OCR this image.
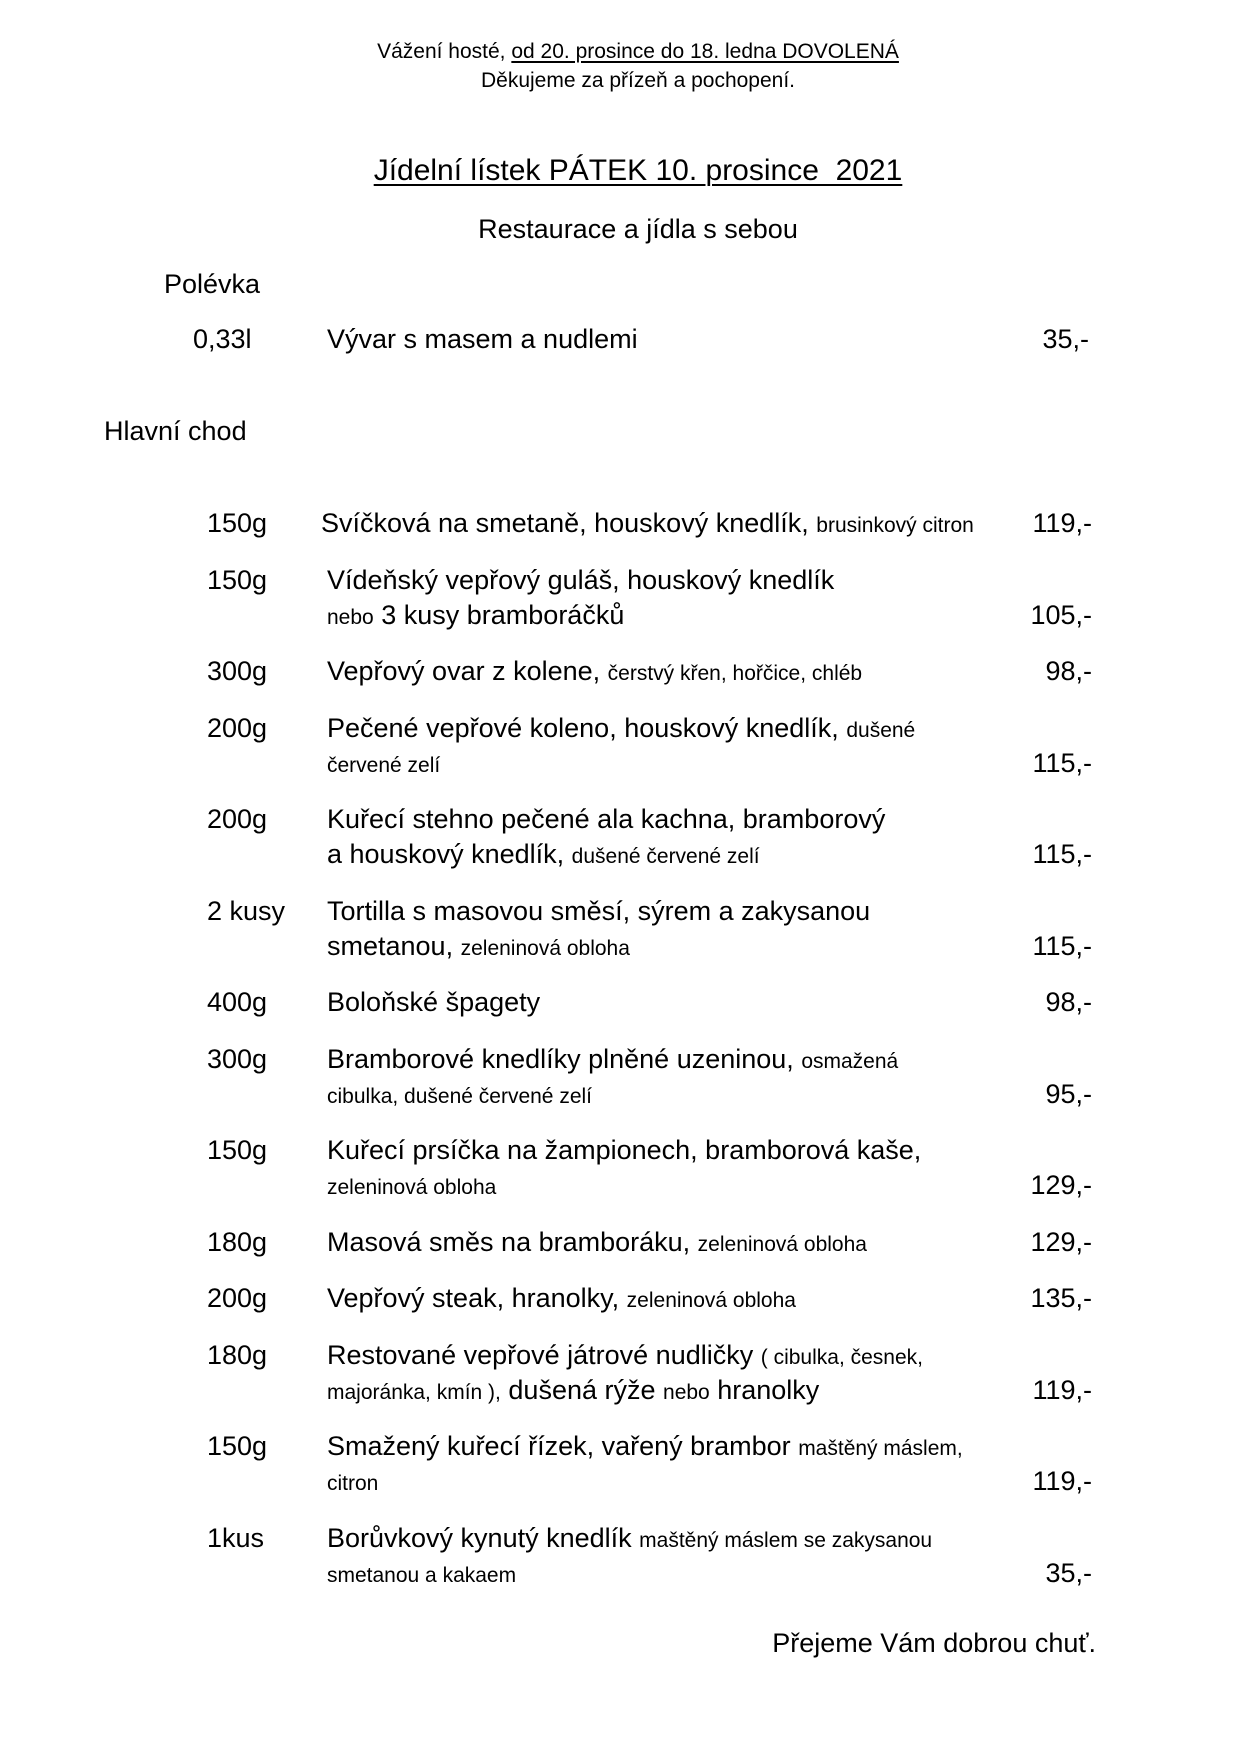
Vážení hosté, od 20. prosince do 18. ledna DOVOLENÁ
Děkujeme za přízeň a pochopení.
Jídelní lístek PÁTEK 10. prosince  2021
Restaurace a jídla s sebou
Polévka
0,33l	Vývar s masem a nudlemi	35,-
Hlavní chod
150g Svíčková na smetaně, houskový knedlík, brusinkový citron	119,-
150g Vídeňský vepřový guláš, houskový knedlík
nebo 3 kusy bramboráčků	105,-
300g Vepřový ovar z kolene, čerstvý křen, hořčice, chléb	98,-
200g Pečené vepřové koleno, houskový knedlík, dušené
červené zelí	115,-
200g Kuřecí stehno pečené ala kachna, bramborový
a houskový knedlík, dušené červené zelí	115,-
2 kusy Tortilla s masovou směsí, sýrem a zakysanou
smetanou, zeleninová obloha	115,-
400g Boloňské špagety	98,-
300g Bramborové knedlíky plněné uzeninou, osmažená
cibulka, dušené červené zelí	95,-
150g Kuřecí prsíčka na žampionech, bramborová kaše,
zeleninová obloha	129,-
180g Masová směs na bramboráku, zeleninová obloha	129,-
200g Vepřový steak, hranolky, zeleninová obloha	135,-
180g Restované vepřové játrové nudličky ( cibulka, česnek,
majoránka, kmín ), dušená rýže nebo hranolky	119,-
150g Smažený kuřecí řízek, vařený brambor maštěný máslem,
citron	119,-
1kus Borůvkový kynutý knedlík maštěný máslem se zakysanou
smetanou a kakaem	35,-
Přejeme Vám dobrou chuť.
